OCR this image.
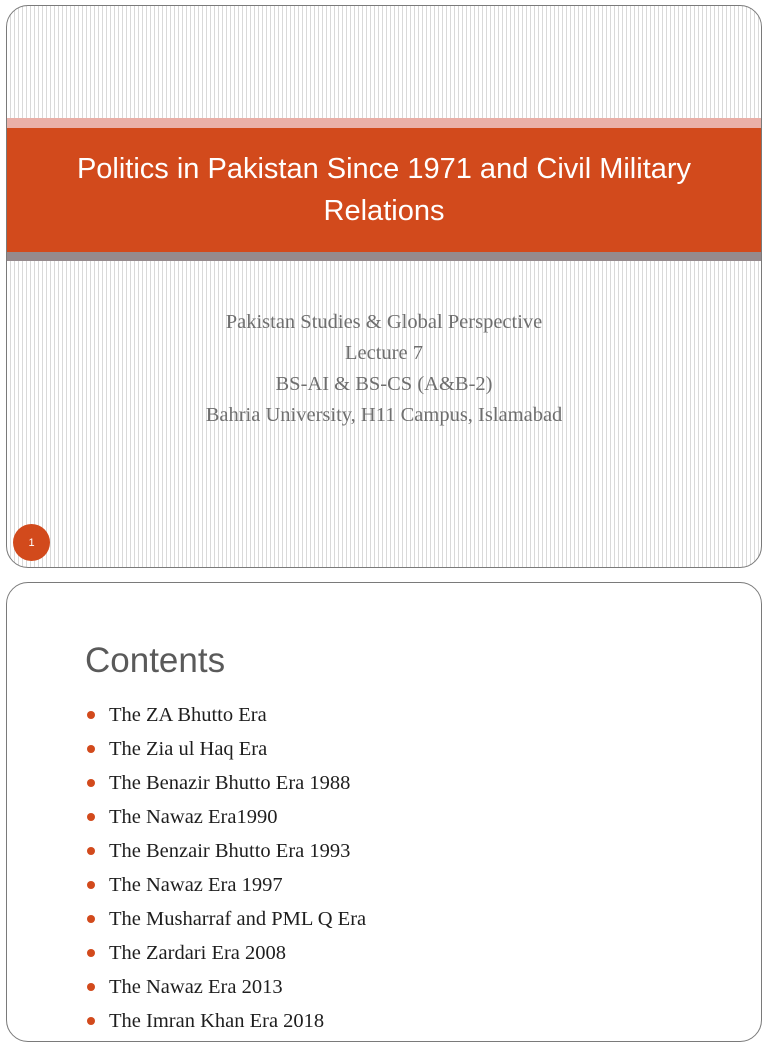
Politics in Pakistan Since 1971 and Civil Military Relations
Pakistan Studies & Global Perspective
Lecture 7
BS-AI & BS-CS (A&B-2)
Bahria University, H11 Campus, Islamabad
1
Contents
The ZA Bhutto Era
The Zia ul Haq Era
The Benazir Bhutto Era 1988
The Nawaz Era1990
The Benzair Bhutto Era 1993
The Nawaz Era 1997
The Musharraf and PML Q Era
The Zardari Era 2008
The Nawaz Era 2013
The Imran Khan Era 2018
